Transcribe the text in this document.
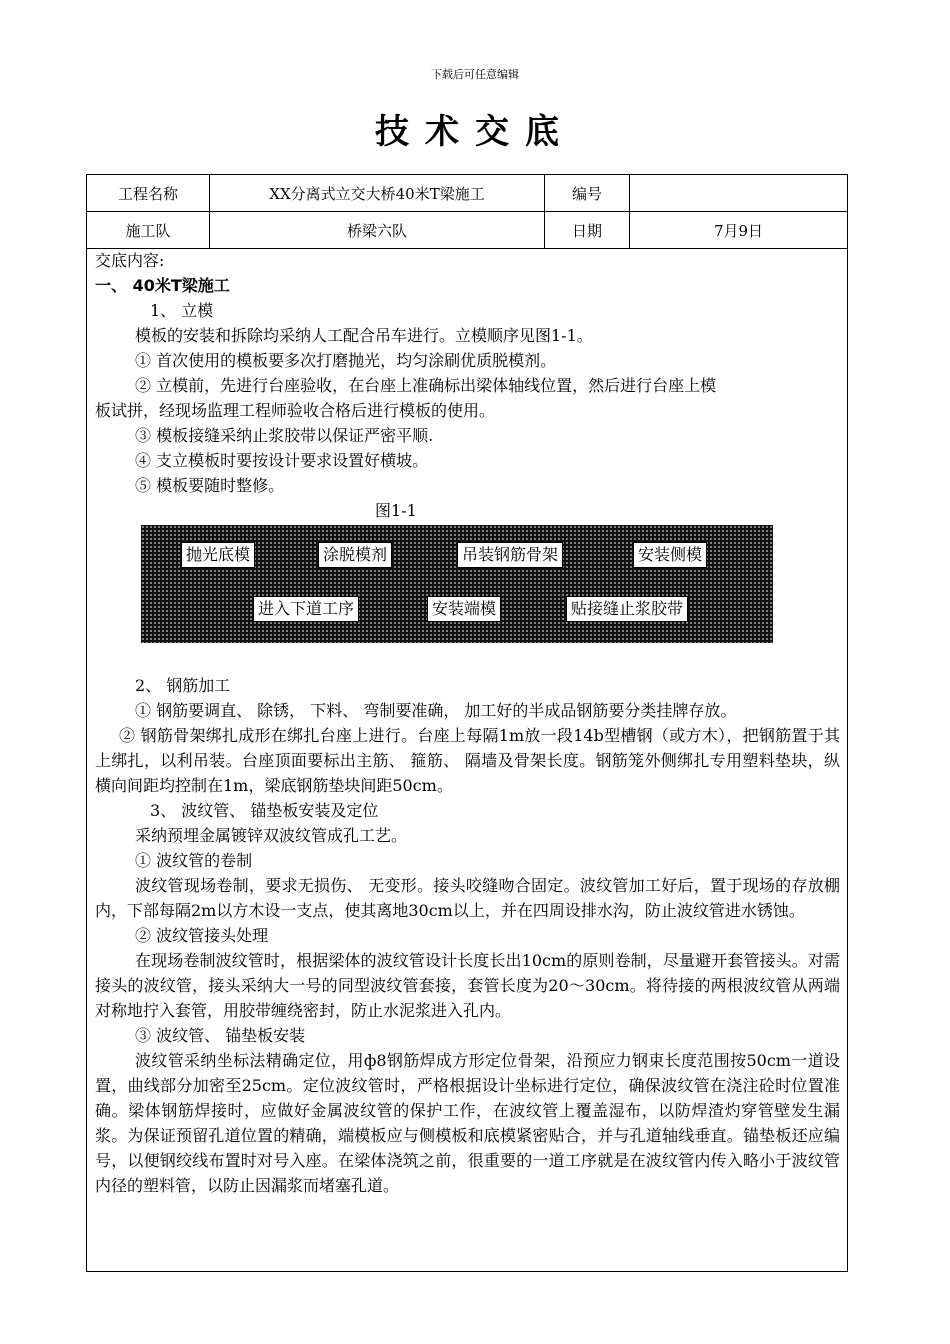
下载后可任意编辑
技术交底
工程名称	XX分离式立交大桥40米T梁施工	编号	
施工队	桥梁六队	日期	7月9日

交底内容:

一、 40米T梁施工

1、 立模

模板的安装和拆除均采纳人工配合吊车进行。立模顺序见图1-1。

① 首次使用的模板要多次打磨抛光，均匀涂刷优质脱模剂。

② 立模前，先进行台座验收，在台座上准确标出梁体轴线位置，然后进行台座上模

板试拼，经现场监理工程师验收合格后进行模板的使用。

③ 模板接缝采纳止浆胶带以保证严密平顺.

④ 支立模板时要按设计要求设置好横坡。

⑤ 模板要随时整修。

图1-1

2、 钢筋加工

① 钢筋要调直、 除锈， 下料、 弯制要准确， 加工好的半成品钢筋要分类挂牌存放。

② 钢筋骨架绑扎成形在绑扎台座上进行。台座上每隔1m放一段14b型槽钢（或方木），把钢筋置于其上绑扎，以利吊装。台座顶面要标出主筋、 箍筋、 隔墙及骨架长度。钢筋笼外侧绑扎专用塑料垫块，纵横向间距均控制在1m，梁底钢筋垫块间距50cm。

3、 波纹管、 锚垫板安装及定位

采纳预埋金属镀锌双波纹管成孔工艺。

① 波纹管的卷制

波纹管现场卷制，要求无损伤、 无变形。接头咬缝吻合固定。波纹管加工好后，置于现场的存放棚内，下部每隔2m以方木设一支点，使其离地30cm以上，并在四周设排水沟，防止波纹管进水锈蚀。

② 波纹管接头处理

在现场卷制波纹管时，根据梁体的波纹管设计长度长出10cm的原则卷制，尽量避开套管接头。对需接头的波纹管，接头采纳大一号的同型波纹管套接，套管长度为20～30cm。将待接的两根波纹管从两端对称地拧入套管，用胶带缠绕密封，防止水泥浆进入孔内。

③ 波纹管、 锚垫板安装

波纹管采纳坐标法精确定位，用ф8钢筋焊成方形定位骨架，沿预应力钢束长度范围按50cm一道设置，曲线部分加密至25cm。定位波纹管时，严格根据设计坐标进行定位，确保波纹管在浇注砼时位置准确。梁体钢筋焊接时，应做好金属波纹管的保护工作，在波纹管上覆盖湿布，以防焊渣灼穿管壁发生漏浆。为保证预留孔道位置的精确，端模板应与侧模板和底模紧密贴合，并与孔道轴线垂直。锚垫板还应编号，以便钢绞线布置时对号入座。在梁体浇筑之前，很重要的一道工序就是在波纹管内传入略小于波纹管内径的塑料管，以防止因漏浆而堵塞孔道。

抛光底模	涂脱模剂	吊装钢筋骨架	安装侧模
进入下道工序	安装端模	贴接缝止浆胶带
